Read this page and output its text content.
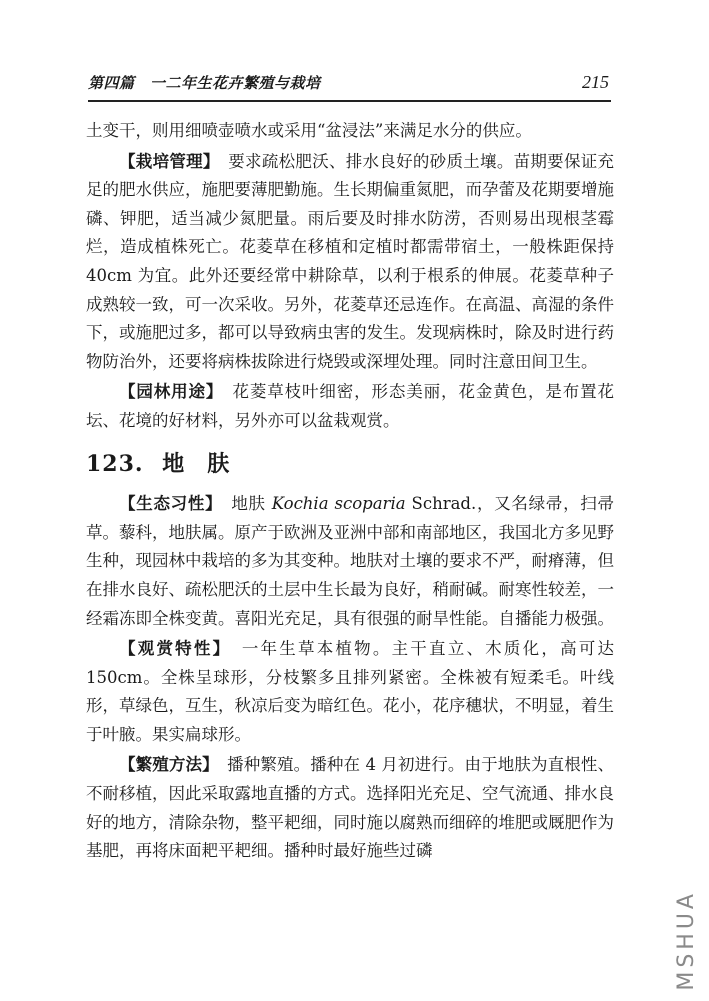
第四篇　一二年生花卉繁殖与栽培	215

土变干，则用细喷壶喷水或采用“盆浸法”来满足水分的供应。

【栽培管理】　 要求疏松肥沃、排水良好的砂质土壤。苗期要保证充足的肥水供应，施肥要薄肥勤施。生长期偏重氮肥，而孕蕾及花期要增施磷、钾肥，适当减少氮肥量。雨后要及时排水防涝，否则易出现根茎霉烂，造成植株死亡。花菱草在移植和定植时都需带宿土，一般株距保持 40cm 为宜。此外还要经常中耕除草，以利于根系的伸展。花菱草种子成熟较一致，可一次采收。另外，花菱草还忌连作。在高温、高湿的条件下，或施肥过多，都可以导致病虫害的发生。发现病株时，除及时进行药物防治外，还要将病株拔除进行烧毁或深埋处理。同时注意田间卫生。

【园林用途】　 花菱草枝叶细密，形态美丽，花金黄色，是布置花坛、花境的好材料，另外亦可以盆栽观赏。

123. 地 肤

【生态习性】　 地肤 Kochia scoparia Schrad.，又名绿帚，扫帚草。藜科，地肤属。原产于欧洲及亚洲中部和南部地区，我国北方多见野生种，现园林中栽培的多为其变种。地肤对土壤的要求不严，耐瘠薄，但在排水良好、疏松肥沃的土层中生长最为良好，稍耐碱。耐寒性较差，一经霜冻即全株变黄。喜阳光充足，具有很强的耐旱性能。自播能力极强。

【观赏特性】　 一年生草本植物。主干直立、木质化，高可达 150cm。全株呈球形，分枝繁多且排列紧密。全株被有短柔毛。叶线形，草绿色，互生，秋凉后变为暗红色。花小，花序穗状，不明显，着生于叶腋。果实扁球形。

【繁殖方法】　 播种繁殖。播种在 4 月初进行。由于地肤为直根性、不耐移植，因此采取露地直播的方式。选择阳光充足、空气流通、排水良好的地方，清除杂物，整平耙细，同时施以腐熟而细碎的堆肥或厩肥作为基肥，再将床面耙平耙细。播种时最好施些过磷

MSHUA
